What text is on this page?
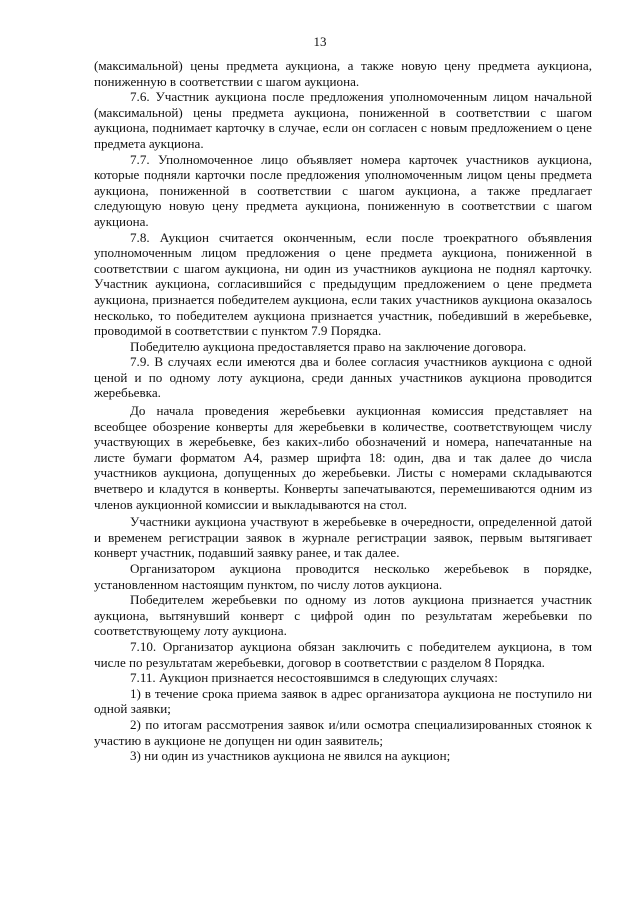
13

(максимальной) цены предмета аукциона, а также новую цену предмета аукциона, пониженную в соответствии с шагом аукциона.

7.6. Участник аукциона после предложения уполномоченным лицом начальной (максимальной) цены предмета аукциона, пониженной в соответствии с шагом аукциона, поднимает карточку в случае, если он согласен с новым предложением о цене предмета аукциона.

7.7. Уполномоченное лицо объявляет номера карточек участников аукциона, которые подняли карточки после предложения уполномоченным лицом цены предмета аукциона, пониженной в соответствии с шагом аукциона, а также предлагает следующую новую цену предмета аукциона, пониженную в соответствии с шагом аукциона.

7.8. Аукцион считается оконченным, если после троекратного объявления уполномоченным лицом предложения о цене предмета аукциона, пониженной в соответствии с шагом аукциона, ни один из участников аукциона не поднял карточку. Участник аукциона, согласившийся с предыдущим предложением о цене предмета аукциона, признается победителем аукциона, если таких участников аукциона оказалось несколько, то победителем аукциона признается участник, победивший в жеребьевке, проводимой в соответствии с пунктом 7.9 Порядка.

Победителю аукциона предоставляется право на заключение договора.

7.9. В случаях если имеются два и более согласия участников аукциона с одной ценой и по одному лоту аукциона, среди данных участников аукциона проводится жеребьевка.

До начала проведения жеребьевки аукционная комиссия представляет на всеобщее обозрение конверты для жеребьевки в количестве, соответствующем числу участвующих в жеребьевке, без каких-либо обозначений и номера, напечатанные на листе бумаги форматом А4, размер шрифта 18: один, два и так далее до числа участников аукциона, допущенных до жеребьевки. Листы с номерами складываются вчетверо и кладутся в конверты. Конверты запечатываются, перемешиваются одним из членов аукционной комиссии и выкладываются на стол.

Участники аукциона участвуют в жеребьевке в очередности, определенной датой и временем регистрации заявок в журнале регистрации заявок, первым вытягивает конверт участник, подавший заявку ранее, и так далее.

Организатором аукциона проводится несколько жеребьевок в порядке, установленном настоящим пунктом, по числу лотов аукциона.

Победителем жеребьевки по одному из лотов аукциона признается участник аукциона, вытянувший конверт с цифрой один по результатам жеребьевки по соответствующему лоту аукциона.

7.10. Организатор аукциона обязан заключить с победителем аукциона, в том числе по результатам жеребьевки, договор в соответствии с разделом 8 Порядка.

7.11. Аукцион признается несостоявшимся в следующих случаях:

1) в течение срока приема заявок в адрес организатора аукциона не поступило ни одной заявки;

2) по итогам рассмотрения заявок и/или осмотра специализированных стоянок к участию в аукционе не допущен ни один заявитель;

3) ни один из участников аукциона не явился на аукцион;
